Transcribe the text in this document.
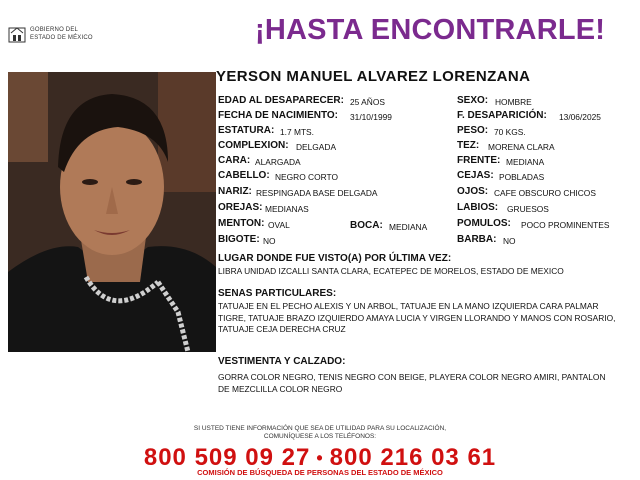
GOBIERNO DEL
ESTADO DE MÉXICO	¡HASTA ENCONTRARLE!
YERSON MANUEL ALVAREZ LORENZANA
EDAD AL DESAPARECER: 25 AÑOS	SEXO: HOMBRE
FECHA DE NACIMIENTO:	31/10/1999	F. DESAPARICIÓN:	13/06/2025
ESTATURA: 1.7 MTS.	PESO: 70 KGS.
COMPLEXION: DELGADA	TEZ:	MORENA CLARA
CARA: ALARGADA	FRENTE: MEDIANA
CABELLO: NEGRO CORTO	CEJAS: POBLADAS
NARIZ: RESPINGADA BASE DELGADA	OJOS: CAFE OBSCURO CHICOS
OREJAS: MEDIANAS	LABIOS:	GRUESOS
MENTON: OVAL	BOCA: MEDIANA	POMULOS:	POCO PROMINENTES
BIGOTE: NO	BARBA: NO
LUGAR DONDE FUE VISTO(A) POR ÚLTIMA VEZ:
LIBRA UNIDAD IZCALLI SANTA CLARA, ECATEPEC DE MORELOS, ESTADO DE MEXICO
SENAS PARTICULARES:
TATUAJE EN EL PECHO ALEXIS Y UN ARBOL, TATUAJE EN LA MANO IZQUIERDA CARA PALMAR TIGRE, TATUAJE BRAZO IZQUIERDO AMAYA LUCIA Y VIRGEN LLORANDO Y MANOS CON ROSARIO, TATUAJE CEJA DERECHA CRUZ
VESTIMENTA Y CALZADO:
GORRA COLOR NEGRO, TENIS NEGRO CON BEIGE, PLAYERA COLOR NEGRO AMIRI, PANTALON DE MEZCLILLA COLOR NEGRO
SI USTED TIENE INFORMACIÓN QUE SEA DE UTILIDAD PARA SU LOCALIZACIÓN,
COMUNÍQUESE A LOS TELÉFONOS:
800 509 09 27 • 800 216 03 61
COMISIÓN DE BÚSQUEDA DE PERSONAS DEL ESTADO DE MÉXICO
